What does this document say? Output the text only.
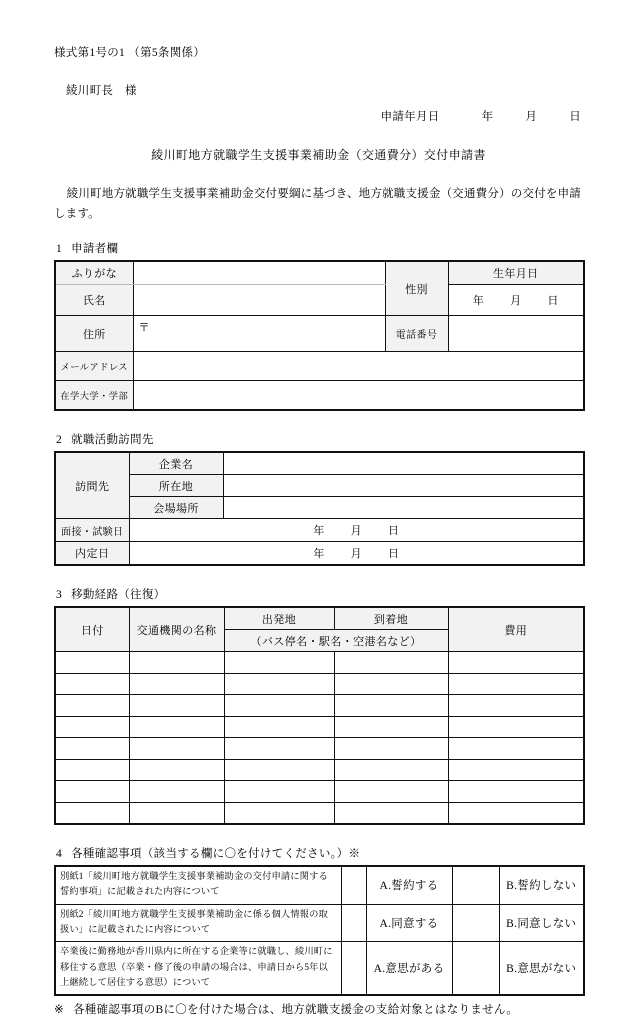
様式第1号の1 （第5条関係）
綾川町長　様
申請年月日	年	月	日
綾川町地方就職学生支援事業補助金（交通費分）交付申請書
綾川町地方就職学生支援事業補助金交付要綱に基づき、地方就職支援金（交通費分）の交付を申請します。
1 申請者欄
ふりがな		性別	生年月日
氏名			年 月 日
住所	〒	電話番号	
メールアドレス			
在学大学・学部			
2 就職活動訪問先
訪問先	企業名	
	所在地	
	会場場所	
面接・試験日	年 月 日	
内定日	年 月 日	
3 移動経路（往復）
日付	交通機関の名称	出発地	到着地	費用
		（バス停名・駅名・空港名など）		

4 各種確認事項（該当する欄に〇を付けてください。）※
別紙1「綾川町地方就職学生支援事業補助金の交付申請に関する誓約事項」に記載された内容について		A.誓約する		B.誓約しない
別紙2「綾川町地方就職学生支援事業補助金に係る個人情報の取扱い」に記載されたに内容について		A.同意する		B.同意しない
卒業後に勤務地が香川県内に所在する企業等に就職し、綾川町に移住する意思（卒業・修了後の申請の場合は、申請日から5年以上継続して居住する意思）について		A.意思がある		B.意思がない
※ 各種確認事項のBに〇を付けた場合は、地方就職支援金の支給対象とはなりません。
